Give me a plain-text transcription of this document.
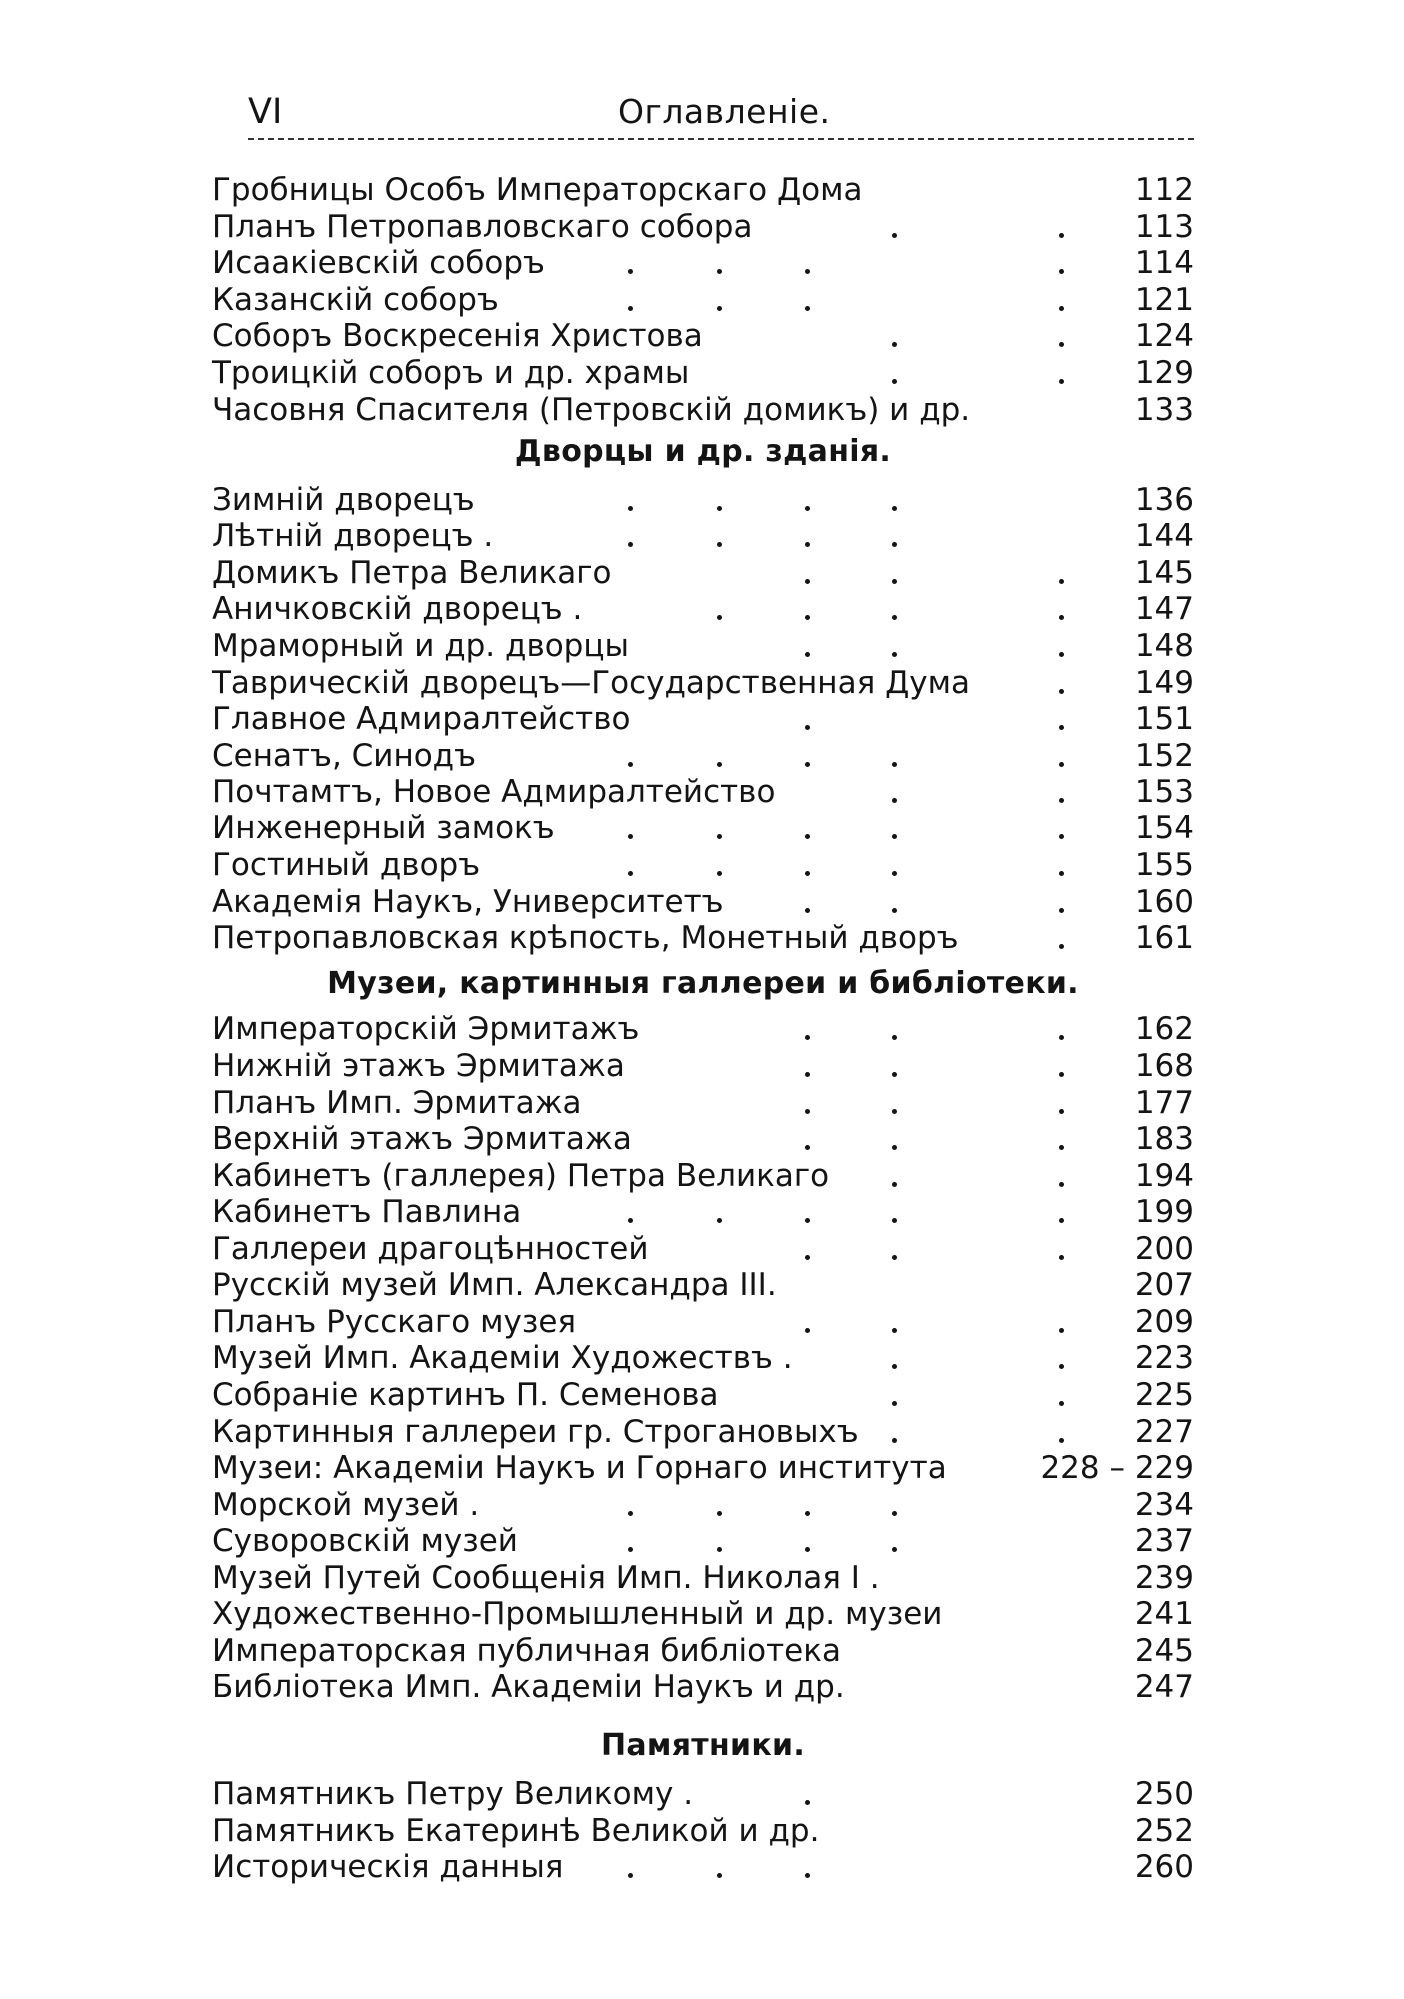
VI	Оглавленіе.
Гробницы Особъ Императорскаго Дома	112
Планъ Петропавловскаго собора	113
Исаакіевскій соборъ	114
Казанскій соборъ	121
Соборъ Воскресенія Христова	124
Троицкій соборъ и др. храмы	129
Часовня Спасителя (Петровскій домикъ) и др.	133
Дворцы и др. зданія.
Зимній дворецъ	136
Лѣтній дворецъ .	144
Домикъ Петра Великаго	145
Аничковскій дворецъ .	147
Мраморный и др. дворцы	148
Таврическій дворецъ—Государственная Дума	149
Главное Адмиралтейство	151
Сенатъ, Синодъ	152
Почтамтъ, Новое Адмиралтейство	153
Инженерный замокъ	154
Гостиный дворъ	155
Академія Наукъ, Университетъ	160
Петропавловская крѣпость, Монетный дворъ	161
Музеи, картинныя галлереи и библіотеки.
Императорскій Эрмитажъ	162
Нижній этажъ Эрмитажа	168
Планъ Имп. Эрмитажа	177
Верхній этажъ Эрмитажа	183
Кабинетъ (галлерея) Петра Великаго	194
Кабинетъ Павлина	199
Галлереи драгоцѣнностей	200
Русскій музей Имп. Александра III.	207
Планъ Русскаго музея	209
Музей Имп. Академіи Художествъ .	223
Собраніе картинъ П. Семенова	225
Картинныя галлереи гр. Строгановыхъ	227
Музеи: Академіи Наукъ и Горнаго института	228 – 229
Морской музей .	234
Суворовскій музей	237
Музей Путей Сообщенія Имп. Николая I .	239
Художественно-Промышленный и др. музеи	241
Императорская публичная библіотека	245
Библіотека Имп. Академіи Наукъ и др.	247
Памятники.
Памятникъ Петру Великому .	250
Памятникъ Екатеринѣ Великой и др.	252
Историческія данныя	260
